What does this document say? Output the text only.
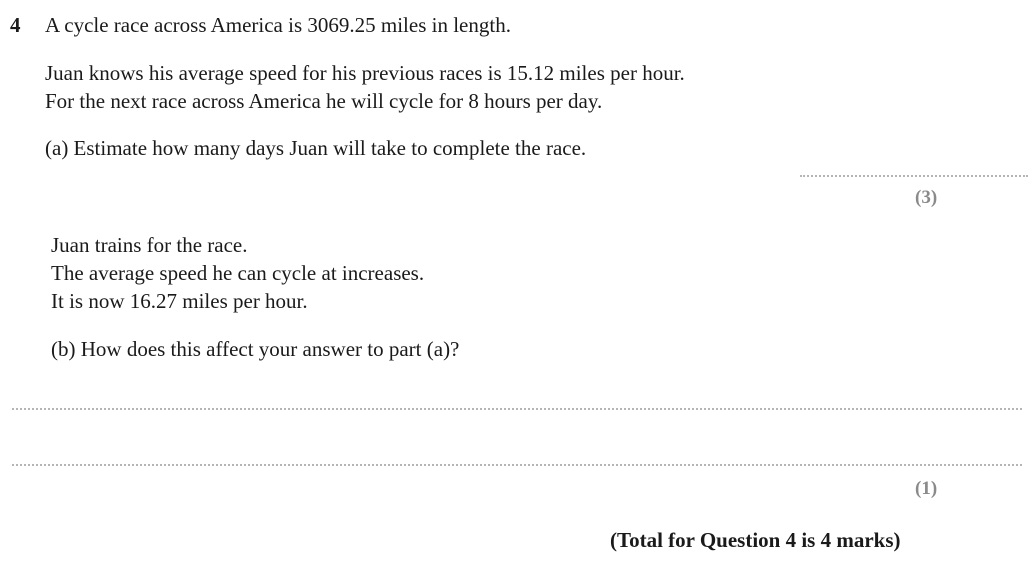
4 A cycle race across America is 3069.25 miles in length.
Juan knows his average speed for his previous races is 15.12 miles per hour.
For the next race across America he will cycle for 8 hours per day.
(a) Estimate how many days Juan will take to complete the race.
(3)
Juan trains for the race.
The average speed he can cycle at increases.
It is now 16.27 miles per hour.
(b) How does this affect your answer to part (a)?
(1)
(Total for Question 4 is 4 marks)
